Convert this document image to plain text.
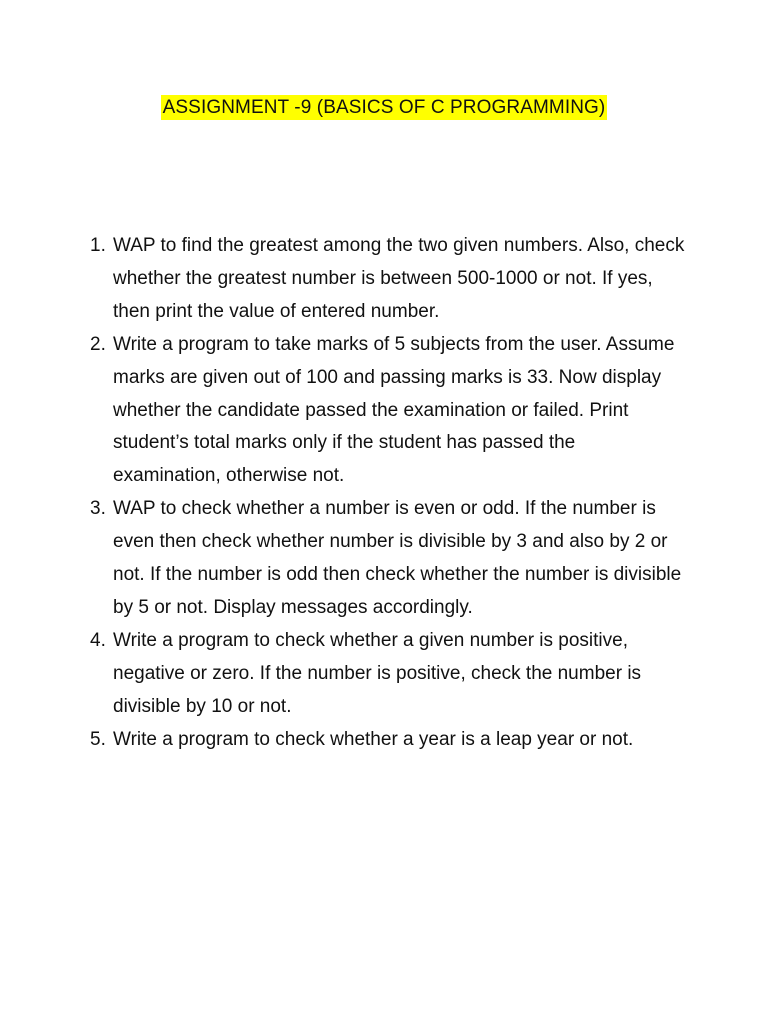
ASSIGNMENT -9 (BASICS OF C PROGRAMMING)
1. WAP to find the greatest among the two given numbers. Also, check whether the greatest number is between 500-1000 or not. If yes, then print the value of entered number.
2. Write a program to take marks of 5 subjects from the user. Assume marks are given out of 100 and passing marks is 33. Now display whether the candidate passed the examination or failed. Print student’s total marks only if the student has passed the examination, otherwise not.
3. WAP to check whether a number is even or odd. If the number is even then check whether number is divisible by 3 and also by 2 or not. If the number is odd then check whether the number is divisible by 5 or not. Display messages accordingly.
4. Write a program to check whether a given number is positive, negative or zero. If the number is positive, check the number is divisible by 10 or not.
5. Write a program to check whether a year is a leap year or not.
